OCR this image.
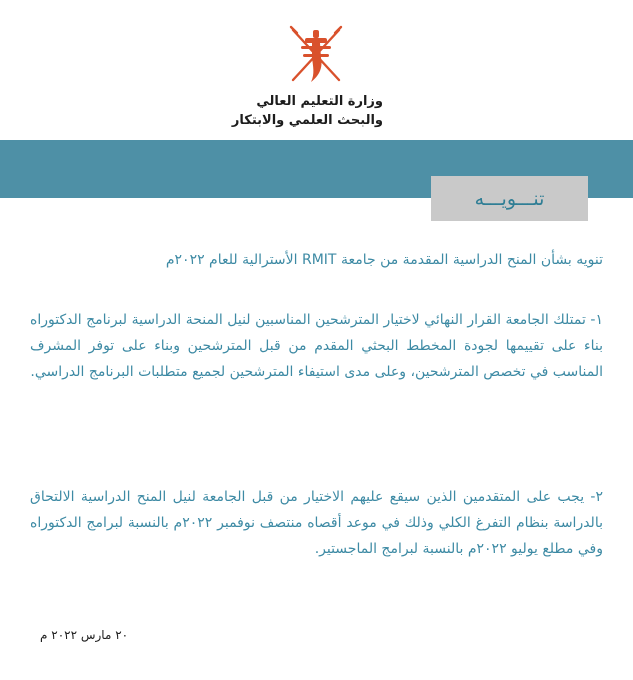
وزارة التعليم العالي
والبحث العلمي والابتكار
تنـــويـــه
تنويه بشأن المنح الدراسية المقدمة من جامعة RMIT الأسترالية للعام ٢٠٢٢م
١- تمتلك الجامعة القرار النهائي لاختيار المترشحين المناسبين لنيل المنحة الدراسية لبرنامج الدكتوراه بناء على تقييمها لجودة المخطط البحثي المقدم من قبل المترشحين وبناء على توفر المشرف المناسب في تخصص المترشحين، وعلى مدى استيفاء المترشحين لجميع متطلبات البرنامج الدراسي.
٢- يجب على المتقدمين الذين سيقع عليهم الاختيار من قبل الجامعة لنيل المنح الدراسية الالتحاق بالدراسة بنظام التفرغ الكلي وذلك في موعد أقصاه منتصف نوفمبر ٢٠٢٢م بالنسبة لبرامج الدكتوراه وفي مطلع يوليو ٢٠٢٢م بالنسبة لبرامج الماجستير.
٢٠ مارس ٢٠٢٢ م
